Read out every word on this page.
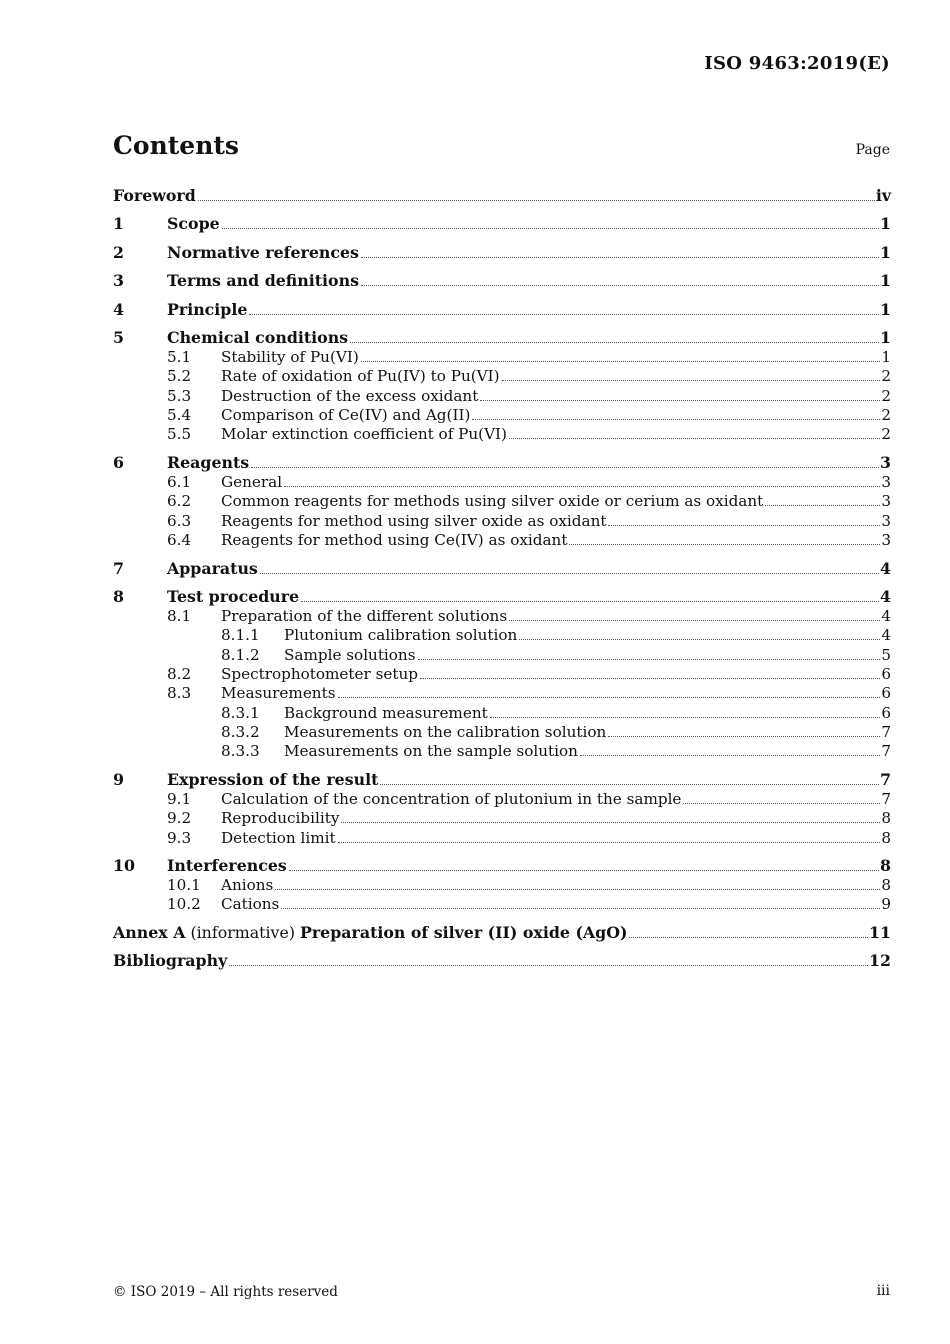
ISO 9463:2019(E)
Contents	Page
Foreword	iv
1	Scope	1
2	Normative references	1
3	Terms and definitions	1
4	Principle	1
5	Chemical conditions	1
5.1	Stability of Pu(VI)	1
5.2	Rate of oxidation of Pu(IV) to Pu(VI)	2
5.3	Destruction of the excess oxidant	2
5.4	Comparison of Ce(IV) and Ag(II)	2
5.5	Molar extinction coefficient of Pu(VI)	2
6	Reagents	3
6.1	General	3
6.2	Common reagents for methods using silver oxide or cerium as oxidant	3
6.3	Reagents for method using silver oxide as oxidant	3
6.4	Reagents for method using Ce(IV) as oxidant	3
7	Apparatus	4
8	Test procedure	4
8.1	Preparation of the different solutions	4
8.1.1	Plutonium calibration solution	4
8.1.2	Sample solutions	5
8.2	Spectrophotometer setup	6
8.3	Measurements	6
8.3.1	Background measurement	6
8.3.2	Measurements on the calibration solution	7
8.3.3	Measurements on the sample solution	7
9	Expression of the result	7
9.1	Calculation of the concentration of plutonium in the sample	7
9.2	Reproducibility	8
9.3	Detection limit	8
10	Interferences	8
10.1	Anions	8
10.2	Cations	9
Annex A (informative) Preparation of silver (II) oxide (AgO)	11
Bibliography	12
© ISO 2019 – All rights reserved	iii
